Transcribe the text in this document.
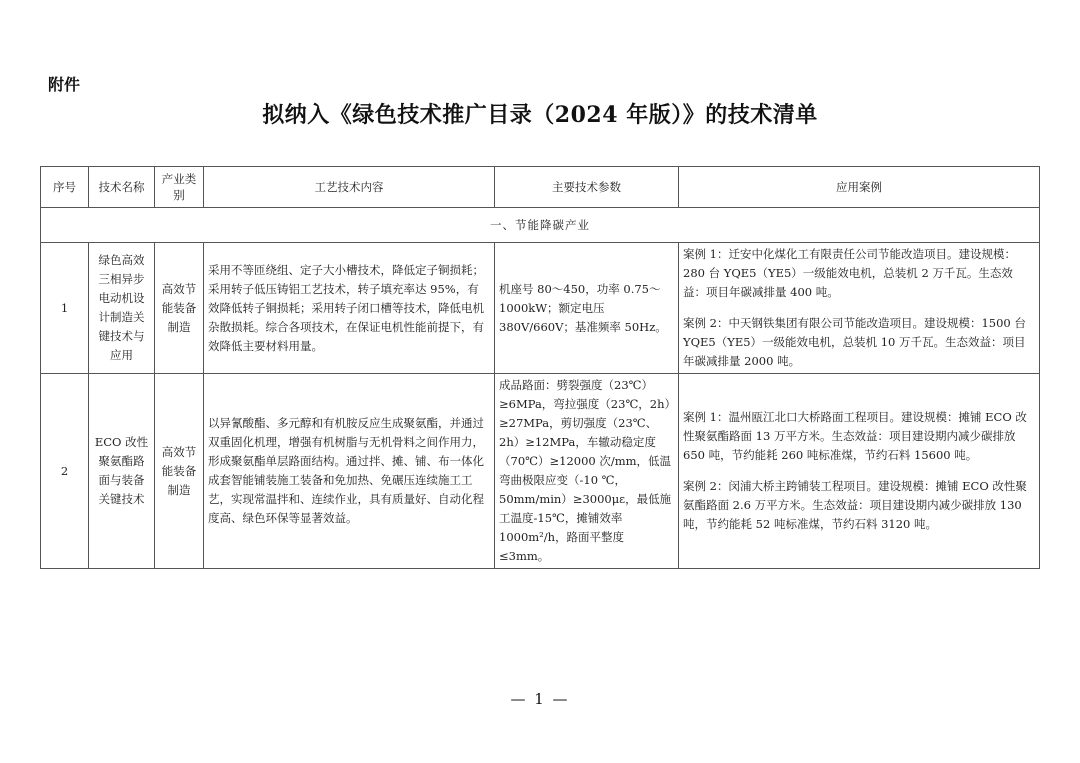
附件
拟纳入《绿色技术推广目录（2024 年版）》的技术清单
序号	技术名称	产业类别	工艺技术内容	主要技术参数	应用案例
一、节能降碳产业					
1	绿色高效三相异步电动机设计制造关键技术与应用	高效节能装备制造	采用不等匝绕组、定子大小槽技术，降低定子铜损耗；采用转子低压铸铝工艺技术，转子填充率达 95%，有效降低转子铜损耗；采用转子闭口槽等技术，降低电机杂散损耗。综合各项技术，在保证电机性能前提下，有效降低主要材料用量。	机座号 80～450，功率 0.75～1000kW；额定电压 380V/660V；基准频率 50Hz。	案例 1：迁安中化煤化工有限责任公司节能改造项目。建设规模：280 台 YQE5（YE5）一级能效电机，总装机 2 万千瓦。生态效益：项目年碳减排量 400 吨。

案例 2：中天钢铁集团有限公司节能改造项目。建设规模：1500 台 YQE5（YE5）一级能效电机，总装机 10 万千瓦。生态效益：项目年碳减排量 2000 吨。

2	ECO 改性聚氨酯路面与装备关键技术	高效节能装备制造	以异氰酸酯、多元醇和有机胺反应生成聚氨酯，并通过双重固化机理，增强有机树脂与无机骨料之间作用力，形成聚氨酯单层路面结构。通过拌、摊、铺、布一体化成套智能铺装施工装备和免加热、免碾压连续施工工艺，实现常温拌和、连续作业，具有质量好、自动化程度高、绿色环保等显著效益。	成品路面：劈裂强度（23℃）≥6MPa，弯拉强度（23℃，2h）≥27MPa，剪切强度（23℃、2h）≥12MPa，车辙动稳定度（70℃）≥12000 次/mm，低温弯曲极限应变（-10 ℃，50mm/min）≥3000με，最低施工温度-15℃，摊铺效率 1000m²/h，路面平整度≤3mm。	案例 1：温州瓯江北口大桥路面工程项目。建设规模：摊铺 ECO 改性聚氨酯路面 13 万平方米。生态效益：项目建设期内减少碳排放 650 吨，节约能耗 260 吨标准煤，节约石料 15600 吨。

案例 2：闵浦大桥主跨铺装工程项目。建设规模：摊铺 ECO 改性聚氨酯路面 2.6 万平方米。生态效益：项目建设期内减少碳排放 130 吨，节约能耗 52 吨标准煤，节约石料 3120 吨。

— 1 —
